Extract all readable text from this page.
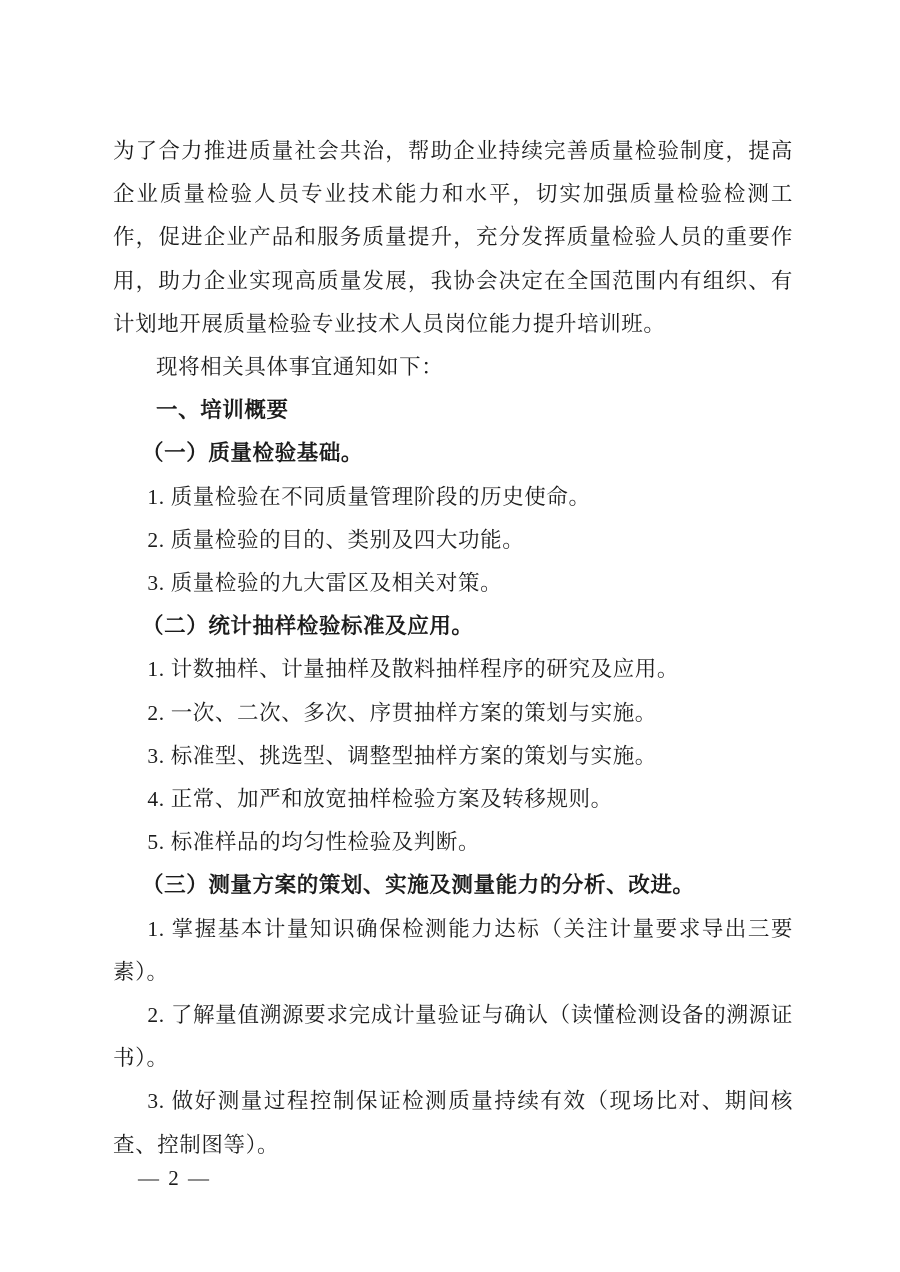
为了合力推进质量社会共治，帮助企业持续完善质量检验制度，提高企业质量检验人员专业技术能力和水平，切实加强质量检验检测工作，促进企业产品和服务质量提升，充分发挥质量检验人员的重要作用，助力企业实现高质量发展，我协会决定在全国范围内有组织、有计划地开展质量检验专业技术人员岗位能力提升培训班。

现将相关具体事宜通知如下：

一、培训概要

（一）质量检验基础。

1. 质量检验在不同质量管理阶段的历史使命。

2. 质量检验的目的、类别及四大功能。

3. 质量检验的九大雷区及相关对策。

（二）统计抽样检验标准及应用。

1. 计数抽样、计量抽样及散料抽样程序的研究及应用。

2. 一次、二次、多次、序贯抽样方案的策划与实施。

3. 标准型、挑选型、调整型抽样方案的策划与实施。

4. 正常、加严和放宽抽样检验方案及转移规则。

5. 标准样品的均匀性检验及判断。

（三）测量方案的策划、实施及测量能力的分析、改进。

1. 掌握基本计量知识确保检测能力达标（关注计量要求导出三要素）。

2. 了解量值溯源要求完成计量验证与确认（读懂检测设备的溯源证书）。

3. 做好测量过程控制保证检测质量持续有效（现场比对、期间核查、控制图等）。

— 2 —
